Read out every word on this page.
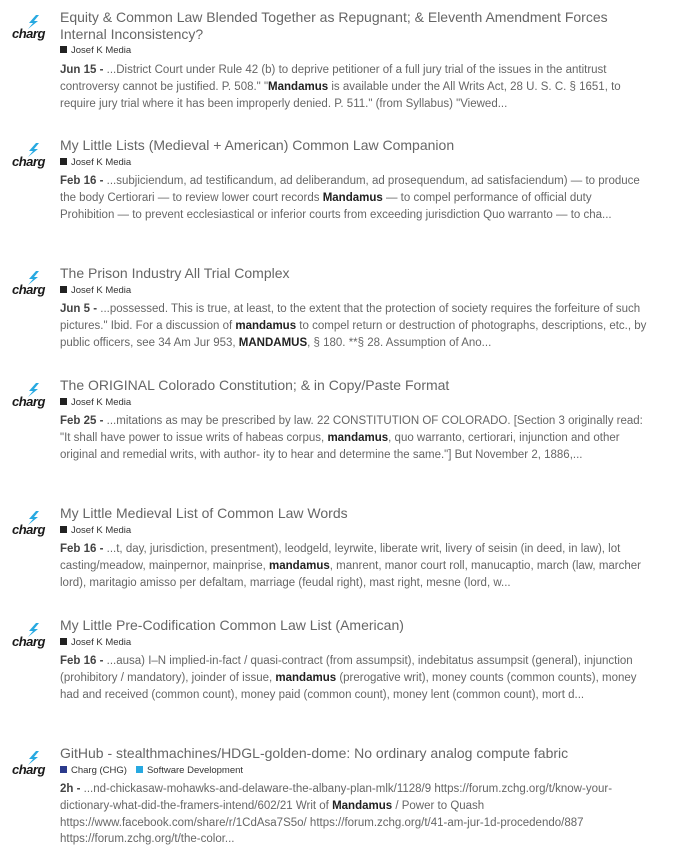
charg
Equity & Common Law Blended Together as Repugnant; & Eleventh Amendment Forces Internal Inconsistency?
Josef K Media
Jun 15 - ...District Court under Rule 42 (b) to deprive petitioner of a full jury trial of the issues in the antitrust controversy cannot be justified. P. 508." "Mandamus is available under the All Writs Act, 28 U. S. C. § 1651, to require jury trial where it has been improperly denied. P. 511." (from Syllabus) "Viewed...
charg
My Little Lists (Medieval + American) Common Law Companion
Josef K Media
Feb 16 - ...subjiciendum, ad testificandum, ad deliberandum, ad prosequendum, ad satisfaciendum) — to produce the body Certiorari — to review lower court records Mandamus — to compel performance of official duty Prohibition — to prevent ecclesiastical or inferior courts from exceeding jurisdiction Quo warranto — to cha...
charg
The Prison Industry All Trial Complex
Josef K Media
Jun 5 - ...possessed. This is true, at least, to the extent that the protection of society requires the forfeiture of such pictures." Ibid. For a discussion of mandamus to compel return or destruction of photographs, descriptions, etc., by public officers, see 34 Am Jur 953, MANDAMUS, § 180. **§ 28. Assumption of Ano...
charg
The ORIGINAL Colorado Constitution; & in Copy/Paste Format
Josef K Media
Feb 25 - ...mitations as may be prescribed by law. 22 CONSTITUTION OF COLORADO. [Section 3 originally read: "It shall have power to issue writs of habeas corpus, mandamus, quo warranto, certiorari, injunction and other original and remedial writs, with author- ity to hear and determine the same."] But November 2, 1886,...
charg
My Little Medieval List of Common Law Words
Josef K Media
Feb 16 - ...t, day, jurisdiction, presentment), leodgeld, leyrwite, liberate writ, livery of seisin (in deed, in law), lot casting/meadow, mainpernor, mainprise, mandamus, manrent, manor court roll, manucaptio, march (law, marcher lord), maritagio amisso per defaltam, marriage (feudal right), mast right, mesne (lord, w...
charg
My Little Pre-Codification Common Law List (American)
Josef K Media
Feb 16 - ...ausa) I–N implied-in-fact / quasi-contract (from assumpsit), indebitatus assumpsit (general), injunction (prohibitory / mandatory), joinder of issue, mandamus (prerogative writ), money counts (common counts), money had and received (common count), money paid (common count), money lent (common count), mort d...
charg
GitHub - stealthmachines/HDGL-golden-dome: No ordinary analog compute fabric
Charg (CHG) Software Development
2h - ...nd-chickasaw-mohawks-and-delaware-the-albany-plan-mlk/1128/9 https://forum.zchg.org/t/know-your-dictionary-what-did-the-framers-intend/602/21 Writ of Mandamus / Power to Quash https://www.facebook.com/share/r/1CdAsa7S5o/ https://forum.zchg.org/t/41-am-jur-1d-procedendo/887 https://forum.zchg.org/t/the-color...
